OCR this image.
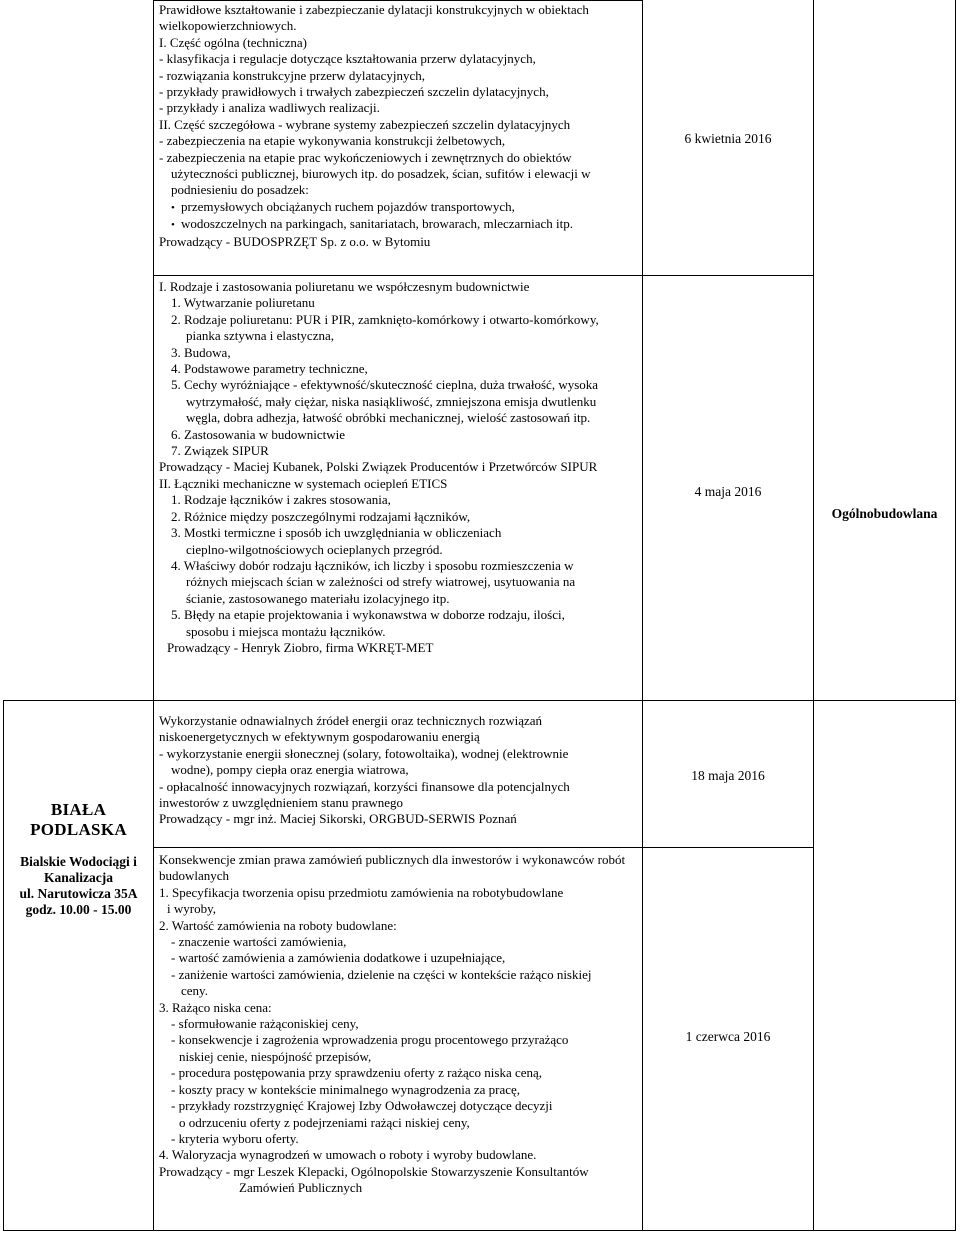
Prawidłowe kształtowanie i zabezpieczanie dylatacji konstrukcyjnych w obiektach
wielkopowierzchniowych.
I. Część ogólna (techniczna)
- klasyfikacja i regulacje dotyczące kształtowania przerw dylatacyjnych,
- rozwiązania konstrukcyjne przerw dylatacyjnych,
- przykłady prawidłowych i trwałych zabezpieczeń szczelin dylatacyjnych,
- przykłady i analiza wadliwych realizacji.
II. Część szczegółowa - wybrane systemy zabezpieczeń szczelin dylatacyjnych
- zabezpieczenia na etapie wykonywania konstrukcji żelbetowych,
- zabezpieczenia na etapie prac wykończeniowych i zewnętrznych do obiektów
użyteczności publicznej, biurowych itp. do posadzek, ścian, sufitów i elewacji w
podniesieniu do posadzek:
• przemysłowych obciążanych ruchem pojazdów transportowych,
• wodoszczelnych na parkingach, sanitariatach, browarach, mleczarniach itp.
Prowadzący - BUDOSPRZĘT Sp. z o.o. w Bytomiu
6 kwietnia 2016
I. Rodzaje i zastosowania poliuretanu we współczesnym budownictwie
1. Wytwarzanie poliuretanu
2. Rodzaje poliuretanu: PUR i PIR, zamknięto-komórkowy i otwarto-komórkowy,
pianka sztywna i elastyczna,
3. Budowa,
4. Podstawowe parametry techniczne,
5. Cechy wyróżniające - efektywność/skuteczność cieplna, duża trwałość, wysoka
wytrzymałość, mały ciężar, niska nasiąkliwość, zmniejszona emisja dwutlenku
węgla, dobra adhezja, łatwość obróbki mechanicznej, wielość zastosowań itp.
6. Zastosowania w budownictwie
7. Związek SIPUR
Prowadzący - Maciej Kubanek, Polski Związek Producentów i Przetwórców SIPUR
II. Łączniki mechaniczne w systemach ociepleń ETICS
1. Rodzaje łączników i zakres stosowania,
2. Różnice między poszczególnymi rodzajami łączników,
3. Mostki termiczne i sposób ich uwzględniania w obliczeniach
cieplno-wilgotnościowych ocieplanych przegród.
4. Właściwy dobór rodzaju łączników, ich liczby i sposobu rozmieszczenia w
różnych miejscach ścian w zależności od strefy wiatrowej, usytuowania na
ścianie, zastosowanego materiału izolacyjnego itp.
5. Błędy na etapie projektowania i wykonawstwa w doborze rodzaju, ilości,
sposobu i miejsca montażu łączników.
Prowadzący - Henryk Ziobro, firma WKRĘT-MET
4 maja 2016
Ogólnobudowlana
Wykorzystanie odnawialnych źródeł energii oraz technicznych rozwiązań
niskoenergetycznych w efektywnym gospodarowaniu energią
- wykorzystanie energii słonecznej (solary, fotowoltaika), wodnej (elektrownie
wodne), pompy ciepła oraz energia wiatrowa,
- opłacalność innowacyjnych rozwiązań, korzyści finansowe dla potencjalnych
inwestorów z uwzględnieniem stanu prawnego
Prowadzący - mgr inż. Maciej Sikorski, ORGBUD-SERWIS Poznań
18 maja 2016
BIAŁA PODLASKA
Bialskie Wodociągi i
Kanalizacja
ul. Narutowicza 35A
godz. 10.00 - 15.00
Konsekwencje zmian prawa zamówień publicznych dla inwestorów i wykonawców robót
budowlanych
1. Specyfikacja tworzenia opisu przedmiotu zamówienia na robotybudowlane
i wyroby,
2. Wartość zamówienia na roboty budowlane:
- znaczenie wartości zamówienia,
- wartość zamówienia a zamówienia dodatkowe i uzupełniające,
- zaniżenie wartości zamówienia, dzielenie na części w kontekście rażąco niskiej
ceny.
3. Rażąco niska cena:
- sformułowanie rażąconiskiej ceny,
- konsekwencje i zagrożenia wprowadzenia progu procentowego przyrażąco
niskiej cenie, niespójność przepisów,
- procedura postępowania przy sprawdzeniu oferty z rażąco niska ceną,
- koszty pracy w kontekście minimalnego wynagrodzenia za pracę,
- przykłady rozstrzygnięć Krajowej Izby Odwoławczej dotyczące decyzji
o odrzuceniu oferty z podejrzeniami rażąci niskiej ceny,
- kryteria wyboru oferty.
4. Waloryzacja wynagrodzeń w umowach o roboty i wyroby budowlane.
Prowadzący - mgr Leszek Klepacki, Ogólnopolskie Stowarzyszenie Konsultantów
Zamówień Publicznych
1 czerwca 2016
